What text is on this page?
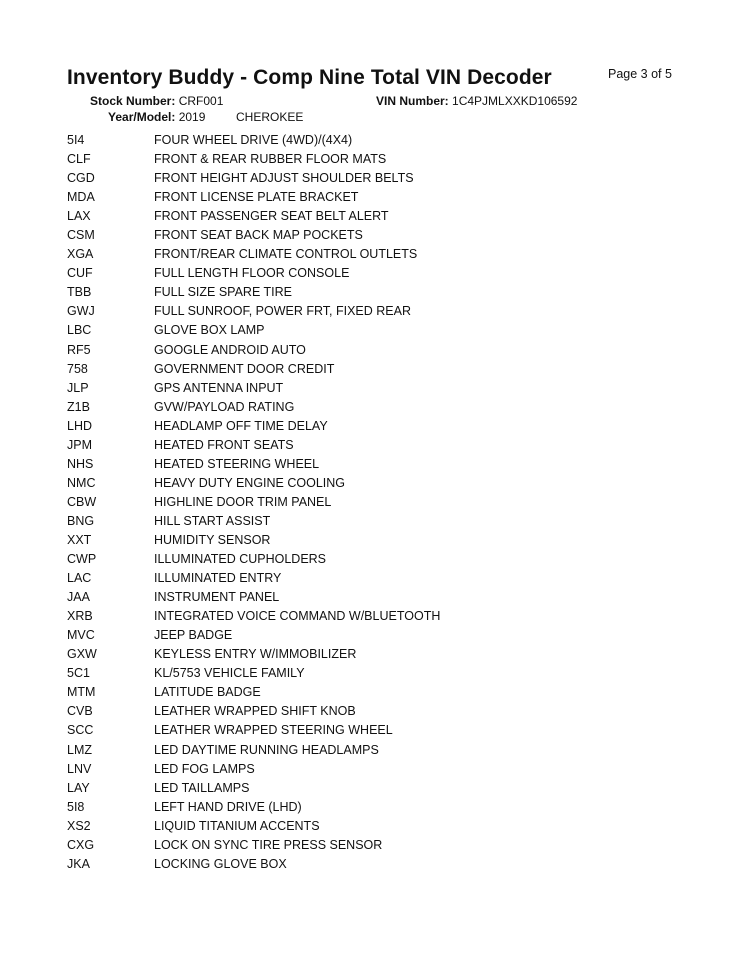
Inventory Buddy - Comp Nine Total VIN Decoder	Page 3 of 5
Stock Number: CRF001	VIN Number: 1C4PJMLXXKD106592
Year/Model: 2019	CHEROKEE
5I4	FOUR WHEEL DRIVE (4WD)/(4X4)
CLF	FRONT & REAR RUBBER FLOOR MATS
CGD	FRONT HEIGHT ADJUST SHOULDER BELTS
MDA	FRONT LICENSE PLATE BRACKET
LAX	FRONT PASSENGER SEAT BELT ALERT
CSM	FRONT SEAT BACK MAP POCKETS
XGA	FRONT/REAR CLIMATE CONTROL OUTLETS
CUF	FULL LENGTH FLOOR CONSOLE
TBB	FULL SIZE SPARE TIRE
GWJ	FULL SUNROOF, POWER FRT, FIXED REAR
LBC	GLOVE BOX LAMP
RF5	GOOGLE ANDROID AUTO
758	GOVERNMENT DOOR CREDIT
JLP	GPS ANTENNA INPUT
Z1B	GVW/PAYLOAD RATING
LHD	HEADLAMP OFF TIME DELAY
JPM	HEATED FRONT SEATS
NHS	HEATED STEERING WHEEL
NMC	HEAVY DUTY ENGINE COOLING
CBW	HIGHLINE DOOR TRIM PANEL
BNG	HILL START ASSIST
XXT	HUMIDITY SENSOR
CWP	ILLUMINATED CUPHOLDERS
LAC	ILLUMINATED ENTRY
JAA	INSTRUMENT PANEL
XRB	INTEGRATED VOICE COMMAND W/BLUETOOTH
MVC	JEEP BADGE
GXW	KEYLESS ENTRY W/IMMOBILIZER
5C1	KL/5753 VEHICLE FAMILY
MTM	LATITUDE BADGE
CVB	LEATHER WRAPPED SHIFT KNOB
SCC	LEATHER WRAPPED STEERING WHEEL
LMZ	LED DAYTIME RUNNING HEADLAMPS
LNV	LED FOG LAMPS
LAY	LED TAILLAMPS
5I8	LEFT HAND DRIVE (LHD)
XS2	LIQUID TITANIUM ACCENTS
CXG	LOCK ON SYNC TIRE PRESS SENSOR
JKA	LOCKING GLOVE BOX
